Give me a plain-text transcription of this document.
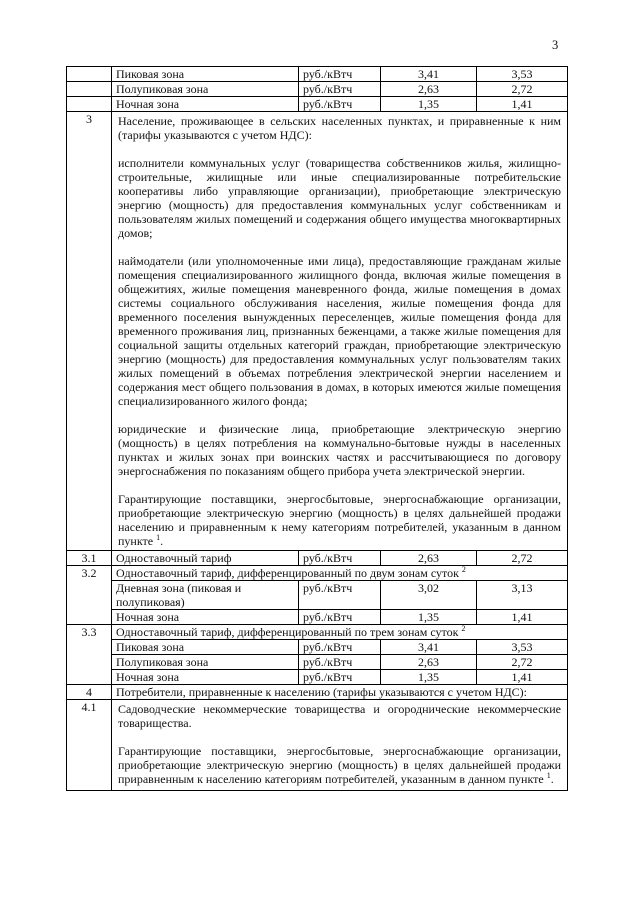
3
	Пиковая зона	руб./кВтч	3,41	3,53
	Полупиковая зона	руб./кВтч	2,63	2,72
	Ночная зона	руб./кВтч	1,35	1,41
3	Население, проживающее в сельских населенных пунктах, и приравненные к ним (тарифы указываются с учетом НДС):

исполнители коммунальных услуг (товарищества собственников жилья, жилищно-строительные, жилищные или иные специализированные потребительские кооперативы либо управляющие организации), приобретающие электрическую энергию (мощность) для предоставления коммунальных услуг собственникам и пользователям жилых помещений и содержания общего имущества многоквартирных домов;

наймодатели (или уполномоченные ими лица), предоставляющие гражданам жилые помещения специализированного жилищного фонда, включая жилые помещения в общежитиях, жилые помещения маневренного фонда, жилые помещения в домах системы социального обслуживания населения, жилые помещения фонда для временного поселения вынужденных переселенцев, жилые помещения фонда для временного проживания лиц, признанных беженцами, а также жилые помещения для социальной защиты отдельных категорий граждан, приобретающие электрическую энергию (мощность) для предоставления коммунальных услуг пользователям таких жилых помещений в объемах потребления электрической энергии населением и содержания мест общего пользования в домах, в которых имеются жилые помещения специализированного жилого фонда;

юридические и физические лица, приобретающие электрическую энергию (мощность) в целях потребления на коммунально-бытовые нужды в населенных пунктах и жилых зонах при воинских частях и рассчитывающиеся по договору энергоснабжения по показаниям общего прибора учета электрической энергии.

Гарантирующие поставщики, энергосбытовые, энергоснабжающие организации, приобретающие электрическую энергию (мощность) в целях дальнейшей продажи населению и приравненным к нему категориям потребителей, указанным в данном пункте $^1$.			

3.1	Одноставочный тариф	руб./кВтч	2,63	2,72
3.2	Одноставочный тариф, дифференцированный по двум зонам суток $^2$
	Дневная зона (пиковая и полупиковая)	руб./кВтч	3,02	3,13
	Ночная зона	руб./кВтч	1,35	1,41
3.3	Одноставочный тариф, дифференцированный по трем зонам суток $^2$
	Пиковая зона	руб./кВтч	3,41	3,53
	Полупиковая зона	руб./кВтч	2,63	2,72
	Ночная зона	руб./кВтч	1,35	1,41
4	Потребители, приравненные к населению (тарифы указываются с учетом НДС):			
4.1	Садоводческие некоммерческие товарищества и огороднические некоммерческие товарищества.

Гарантирующие поставщики, энергосбытовые, энергоснабжающие организации, приобретающие электрическую энергию (мощность) в целях дальнейшей продажи приравненным к населению категориям потребителей, указанным в данном пункте $^1$.			
